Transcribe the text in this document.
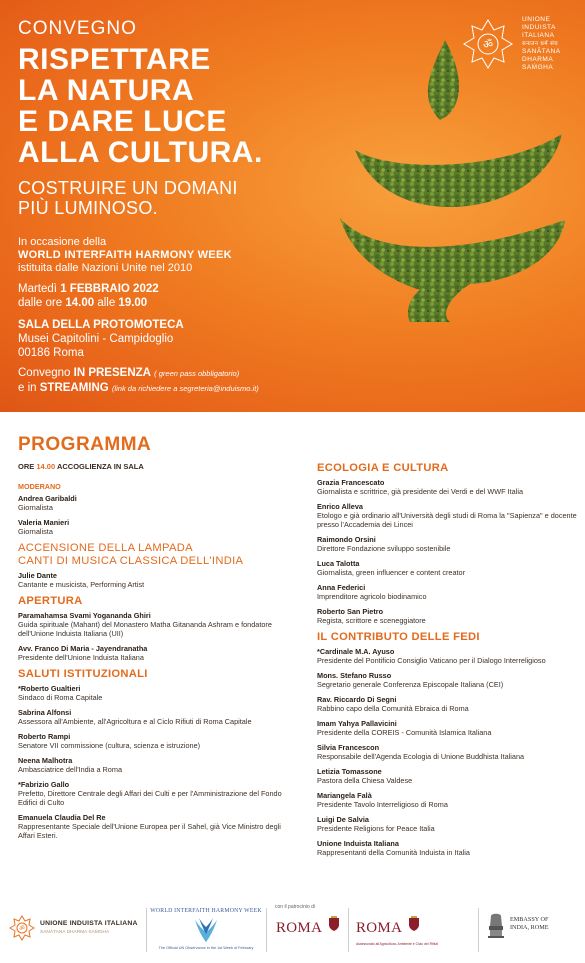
CONVEGNO
RISPETTARE
LA NATURA
E DARE LUCE
ALLA CULTURA.
COSTRUIRE UN DOMANI
PIÙ LUMINOSO.
In occasione della
WORLD INTERFAITH HARMONY WEEK
istituita dalle Nazioni Unite nel 2010
Martedì 1 FEBBRAIO 2022
dalle ore 14.00 alle 19.00
SALA DELLA PROTOMOTECA
Musei Capitolini - Campidoglio
00186 Roma
Convegno IN PRESENZA ( green pass obbligatorio)
e in STREAMING (link da richiedere a segreteria@induismo.it)
ॐ
UNIONE
INDUISTA
ITALIANA
सनातन धर्म संघ
SANĀTANA
DHARMA
SAṀGHA
PROGRAMMA
ORE 14.00 ACCOGLIENZA IN SALA
MODERANO
Andrea Garibaldi
Giornalista
Valeria Manieri
Giornalista
ACCENSIONE DELLA LAMPADA
CANTI DI MUSICA CLASSICA DELL'INDIA
Julie Dante
Cantante e musicista, Performing Artist
APERTURA
Paramahamsa Svami Yogananda Ghiri
Guida spirituale (Mahant) del Monastero Matha Gitananda Ashram e fondatore dell'Unione Induista Italiana (UII)
Avv. Franco Di Maria - Jayendranatha
Presidente dell'Unione Induista Italiana
SALUTI ISTITUZIONALI
*Roberto Gualtieri
Sindaco di Roma Capitale
Sabrina Alfonsi
Assessora all'Ambiente, all'Agricoltura e al Ciclo Rifiuti di Roma Capitale
Roberto Rampi
Senatore VII commissione (cultura, scienza e istruzione)
Neena Malhotra
Ambasciatrice dell'India a Roma
*Fabrizio Gallo
Prefetto, Direttore Centrale degli Affari dei Culti e per l'Amministrazione del Fondo Edifici di Culto
Emanuela Claudia Del Re
Rappresentante Speciale dell'Unione Europea per il Sahel, già Vice Ministro degli Affari Esteri.
ECOLOGIA E CULTURA
Grazia Francescato
Giornalista e scrittrice, già presidente dei Verdi e del WWF Italia
Enrico Alleva
Etologo e già ordinario all'Università degli studi di Roma la "Sapienza" e docente presso l'Accademia dei Lincei
Raimondo Orsini
Direttore Fondazione sviluppo sostenibile
Luca Talotta
Giornalista, green influencer e content creator
Anna Federici
Imprenditore agricolo biodinamico
Roberto San Pietro
Regista, scrittore e sceneggiatore
IL CONTRIBUTO DELLE FEDI
*Cardinale M.A. Ayuso
Presidente del Pontificio Consiglio Vaticano per il Dialogo Interreligioso
Mons. Stefano Russo
Segretario generale Conferenza Episcopale Italiana (CEI)
Rav. Riccardo Di Segni
Rabbino capo della Comunità Ebraica di Roma
Imam Yahya Pallavicini
Presidente della COREIS - Comunità Islamica Italiana
Silvia Francescon
Responsabile dell'Agenda Ecologia di Unione Buddhista Italiana
Letizia Tomassone
Pastora della Chiesa Valdese
Mariangela Falà
Presidente Tavolo Interreligioso di Roma
Luigi De Salvia
Presidente Religions for Peace Italia
Unione Induista Italiana
Rappresentanti della Comunità Induista in Italia
ॐ
UNIONE INDUISTA ITALIANA
SANĀTANA DHARMA SAṀGHA
WORLD INTERFAITH HARMONY WEEK
The Official UN Observance in the 1st Week of February
con il patrocinio di
ROMA ROMA
Assessorato all'Agricoltura, Ambiente e Ciclo dei Rifiuti
EMBASSY OF
INDIA, ROME
